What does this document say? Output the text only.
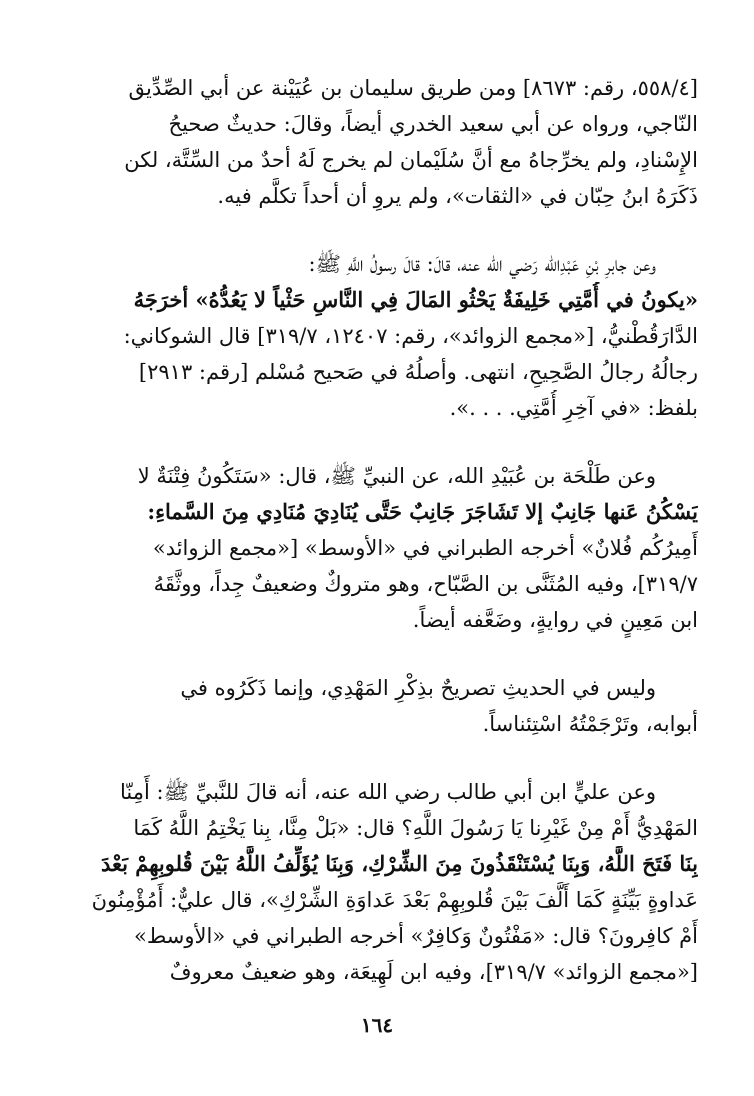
[٥٥٨/٤، رقم: ٨٦٧٣] ومن طريق سليمان بن عُيَيْنة عن أبي الصِّدِّيق
النّاجي، ورواه عن أبي سعيد الخدري أيضاً، وقالَ: حديثٌ صحيحُ
الإِسْنادِ، ولم يخرِّجاهُ مع أنَّ سُلَيْمان لم يخرج لَهُ أحدٌ من السِّتَّة، لكن
ذَكَرَهُ ابنُ حِبّان في «الثقات»، ولم يروِ أن أحداً تكلَّم فيه.
وعن جابرِ بْنِ عَبْدِالله رَضي الله عنه، قالَ: قالَ رسولُ اللَّهِ ﷺ:
«يكونُ في أُمَّتِي خَلِيفَةٌ يَحْثُو المَالَ فِي النَّاسِ حَثْياً لا يَعُدُّهُ» أخرَجَهُ
الدَّارَقُطْنيُّ، [«مجمع الزوائد»، رقم: ١٢٤٠٧، ٣١٩/٧] قال الشوكاني:
رجالُهُ رجالُ الصَّحِيحِ، انتهى. وأصلُهُ في صَحيح مُسْلم [رقم: ٢٩١٣]
بلفظ: «في آخِرِ أُمَّتِي. . . .».
وعن طَلْحَة بن عُبَيْدِ الله، عن النبيِّ ﷺ، قال: «سَتَكُونُ فِتْنَةٌ لا
يَسْكُنُ عَنها جَانِبٌ إلا تَشَاجَرَ جَانِبٌ حَتَّى يُنَادِيَ مُنَادِي مِنَ السَّماءِ:
أَمِيرُكُم فُلانٌ» أخرجه الطبراني في «الأوسط» [«مجمع الزوائد»
٣١٩/٧]، وفيه المُثَنَّى بن الصَّبّاح، وهو متروكٌ وضعيفٌ جِداً، ووثَّقَهُ
ابن مَعِينٍ في روايةٍ، وضَعَّفه أيضاً.
وليس في الحديثِ تصريحٌ بذِكْرِ المَهْدِي، وإنما ذَكَرُوه في
أبوابه، وتَرْجَمْتُهُ اسْتِئناساً.
وعن عليٍّ ابن أبي طالب رضي الله عنه، أنه قالَ للنَّبيِّ ﷺ: أَمِنّا
المَهْدِيُّ أَمْ مِنْ غَيْرِنا يَا رَسُولَ اللَّهِ؟ قال: «بَلْ مِنَّا، بِنا يَخْتِمُ اللَّهُ كَمَا
بِنَا فَتَحَ اللَّهُ، وَبِنَا يُسْتَنْقَذُونَ مِنَ الشِّرْكِ، وَبِنَا يُؤَلِّفُ اللَّهُ بَيْنَ قُلوبِهِمْ بَعْدَ
عَداوةٍ بَيِّنَةٍ كَمَا أَلَّفَ بَيْنَ قُلوبِهِمْ بَعْدَ عَداوَةِ الشِّرْكِ»، قال عليٌّ: أَمُؤْمِنُونَ
أَمْ كافِرونَ؟ قال: «مَفْتُونٌ وَكافِرٌ» أخرجه الطبراني في «الأوسط»
[«مجمع الزوائد» ٣١٩/٧]، وفيه ابن لَهِيعَة، وهو ضعيفٌ معروفٌ
١٦٤
